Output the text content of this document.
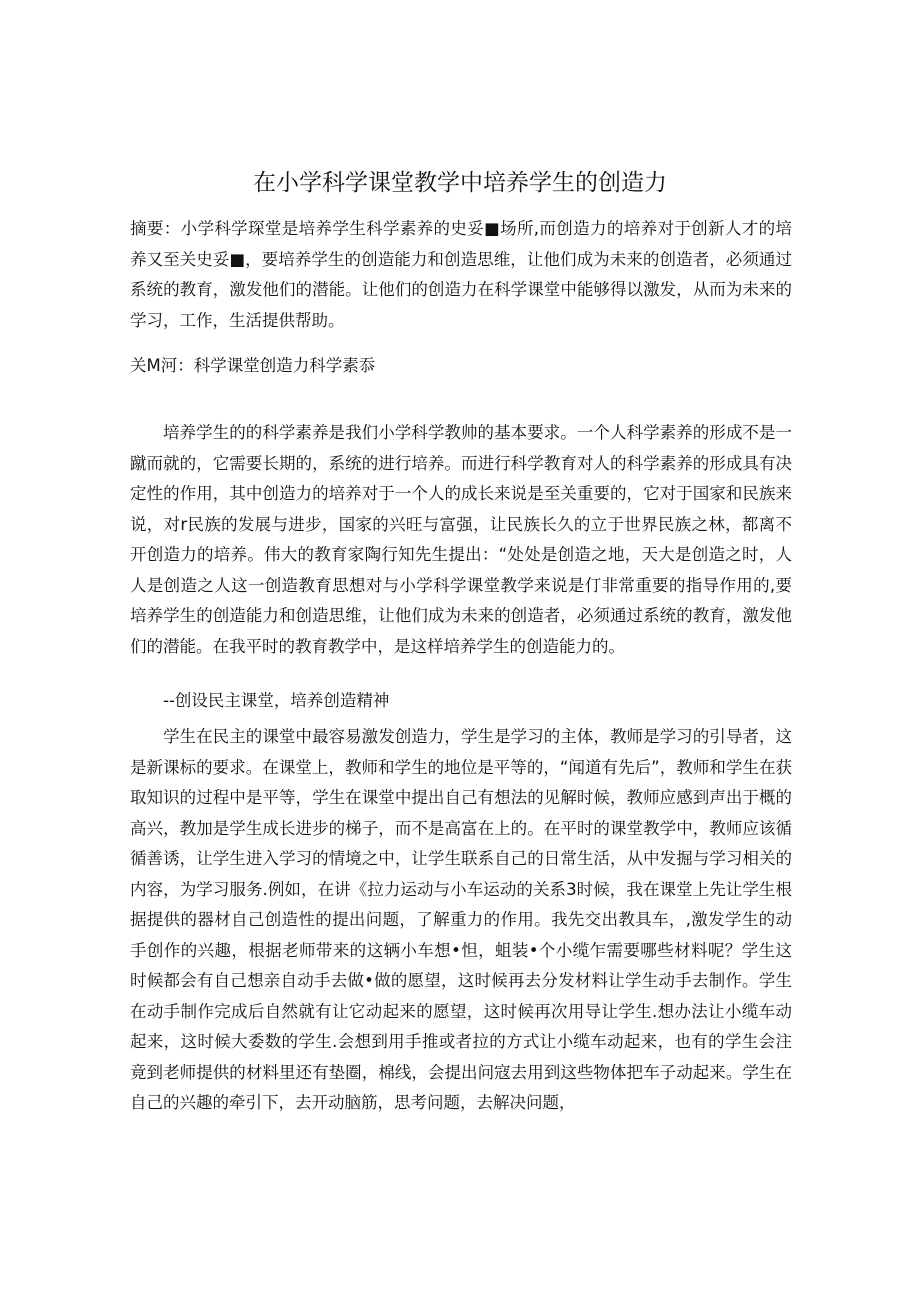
在小学科学课堂教学中培养学生的创造力
摘要：小学科学琛堂是培养学生科学素养的史妥■场所,而创造力的培养对于创新人才的培养又至关史妥■，要培养学生的创造能力和创造思维，让他们成为未来的创造者，必须通过系统的教育，激发他们的潜能。让他们的创造力在科学课堂中能够得以激发，从而为未来的学习，工作，生活提供帮助。
关M河：科学课堂创造力科学素忝
培养学生的的科学素养是我们小学科学教帅的基本要求。一个人科学素养的形成不是一蹴而就的，它需要长期的，系统的进行培养。而进行科学教育对人的科学素养的形成具有决定性的作用，其中创造力的培养对于一个人的成长来说是至关重要的，它对于国家和民族来说，对r民族的发展与进步，国家的兴旺与富强，让民族长久的立于世界民族之林，都离不开创造力的培养。伟大的教育家陶行知先生提出：“处处是创造之地，天大是创造之时，人人是创造之人这一创造教育思想对与小学科学课堂教学来说是仃非常重要的指导作用的,要培养学生的创造能力和创造思维，让他们成为未来的创造者，必须通过系统的教育，激发他们的潜能。在我平时的教育教学中，是这样培养学生的创造能力的。
--创设民主课堂，培养创造精神
学生在民主的课堂中最容易激发创造力，学生是学习的主体，教师是学习的引导者，这是新课标的要求。在课堂上，教师和学生的地位是平等的，“闻道有先后”，教师和学生在获取知识的过程中是平等，学生在课堂中提出自己有想法的见解时候，教师应感到声出于概的高兴，教加是学生成长进步的梯子，而不是高富在上的。在平时的课堂教学中，教师应该循循善诱，让学生进入学习的情境之中，让学生联系自己的日常生活，从中发掘与学习相关的内容，为学习服务.例如，在讲《拉力运动与小车运动的关系3时候，我在课堂上先让学生根据提供的器材自己创造性的提出问题，了解重力的作用。我先交出教具车，,激发学生的动手创作的兴趣，根据老师带来的这辆小车想•怛，蛆装•个小缆乍需要哪些材料呢？学生这时候都会有自己想亲自动手去做•做的愿望，这时候再去分发材料让学生动手去制作。学生在动手制作完成后自然就有让它动起来的愿望，这时候再次用导让学生.想办法让小缆车动起来，这时候大委数的学生.会想到用手推或者拉的方式让小缆车动起来，也有的学生会注竟到老师提供的材料里还有垫圈，棉线，会提出问寇去用到这些物体把车子动起来。学生在自己的兴趣的牵引下，去开动脑筋，思考问题，去解决问题，
